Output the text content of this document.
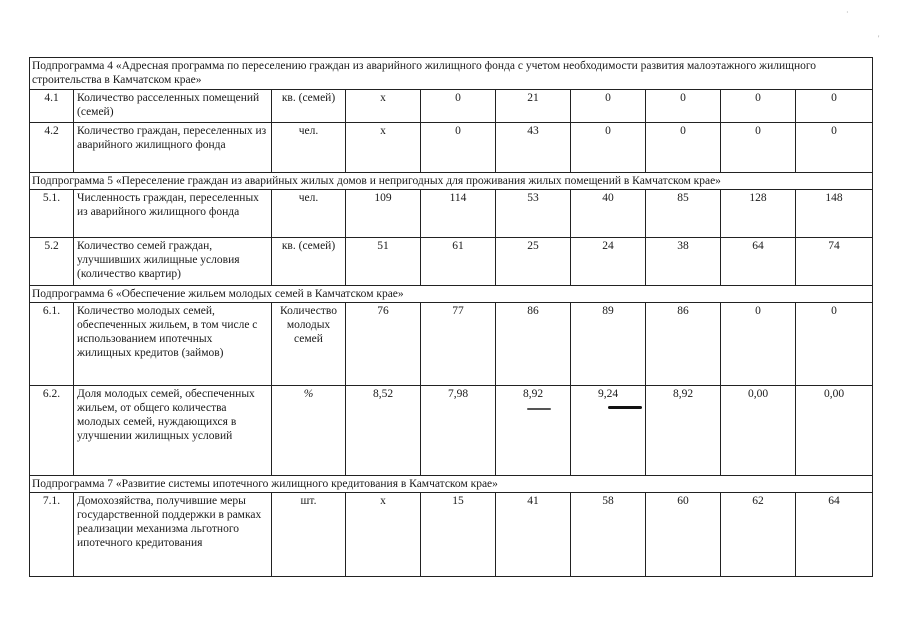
·
'
Подпрограмма 4 «Адресная программа по переселению граждан из аварийного жилищного фонда с учетом необходимости развития малоэтажного жилищного строительства в Камчатском крае»									
4.1	Количество расселенных помещений (семей)	кв. (семей)	x	0	21	0	0	0	0
4.2	Количество граждан, переселенных из аварийного жилищного фонда	чел.	x	0	43	0	0	0	0
Подпрограмма 5 «Переселение граждан из аварийных жилых домов и непригодных для проживания жилых помещений в Камчатском крае»									
5.1.	Численность граждан, переселенных из аварийного жилищного фонда	чел.	109	114	53	40	85	128	148
5.2	Количество семей граждан, улучшивших жилищные условия (количество квартир)	кв. (семей)	51	61	25	24	38	64	74
Подпрограмма 6 «Обеспечение жильем молодых семей в Камчатском крае»									
6.1.	Количество молодых семей, обеспеченных жильем, в том числе с использованием ипотечных жилищных кредитов (займов)	Количество молодых семей	76	77	86	89	86	0	0
6.2.	Доля молодых семей, обеспеченных жильем, от общего количества молодых семей, нуждающихся в улучшении жилищных условий	%	8,52	7,98	8,92	9,24	8,92	0,00	0,00
Подпрограмма 7 «Развитие системы ипотечного жилищного кредитования в Камчатском крае»									
7.1.	Домохозяйства, получившие меры государственной поддержки в рамках реализации механизма льготного ипотечного кредитования	шт.	x	15	41	58	60	62	64
